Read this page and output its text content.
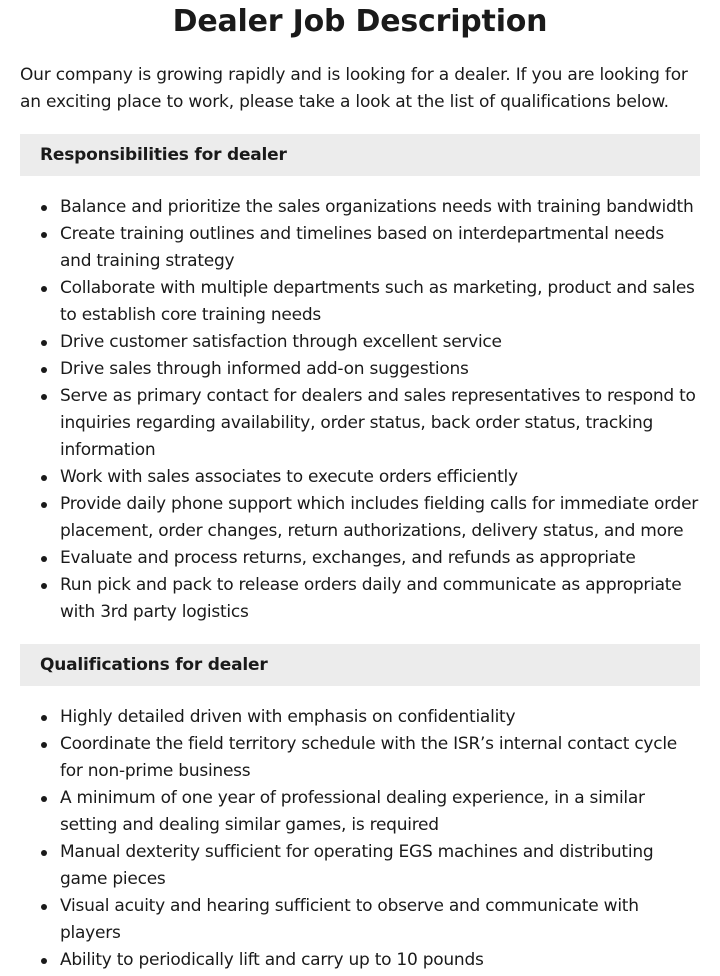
Dealer Job Description

Our company is growing rapidly and is looking for a dealer. If you are looking for an exciting place to work, please take a look at the list of qualifications below.

Responsibilities for dealer
Balance and prioritize the sales organizations needs with training bandwidth
Create training outlines and timelines based on interdepartmental needs and training strategy
Collaborate with multiple departments such as marketing, product and sales to establish core training needs
Drive customer satisfaction through excellent service
Drive sales through informed add-on suggestions
Serve as primary contact for dealers and sales representatives to respond to inquiries regarding availability, order status, back order status, tracking information
Work with sales associates to execute orders efficiently
Provide daily phone support which includes fielding calls for immediate order placement, order changes, return authorizations, delivery status, and more
Evaluate and process returns, exchanges, and refunds as appropriate
Run pick and pack to release orders daily and communicate as appropriate with 3rd party logistics
Qualifications for dealer
Highly detailed driven with emphasis on confidentiality
Coordinate the field territory schedule with the ISR’s internal contact cycle for non-prime business
A minimum of one year of professional dealing experience, in a similar setting and dealing similar games, is required
Manual dexterity sufficient for operating EGS machines and distributing game pieces
Visual acuity and hearing sufficient to observe and communicate with players
Ability to periodically lift and carry up to 10 pounds
